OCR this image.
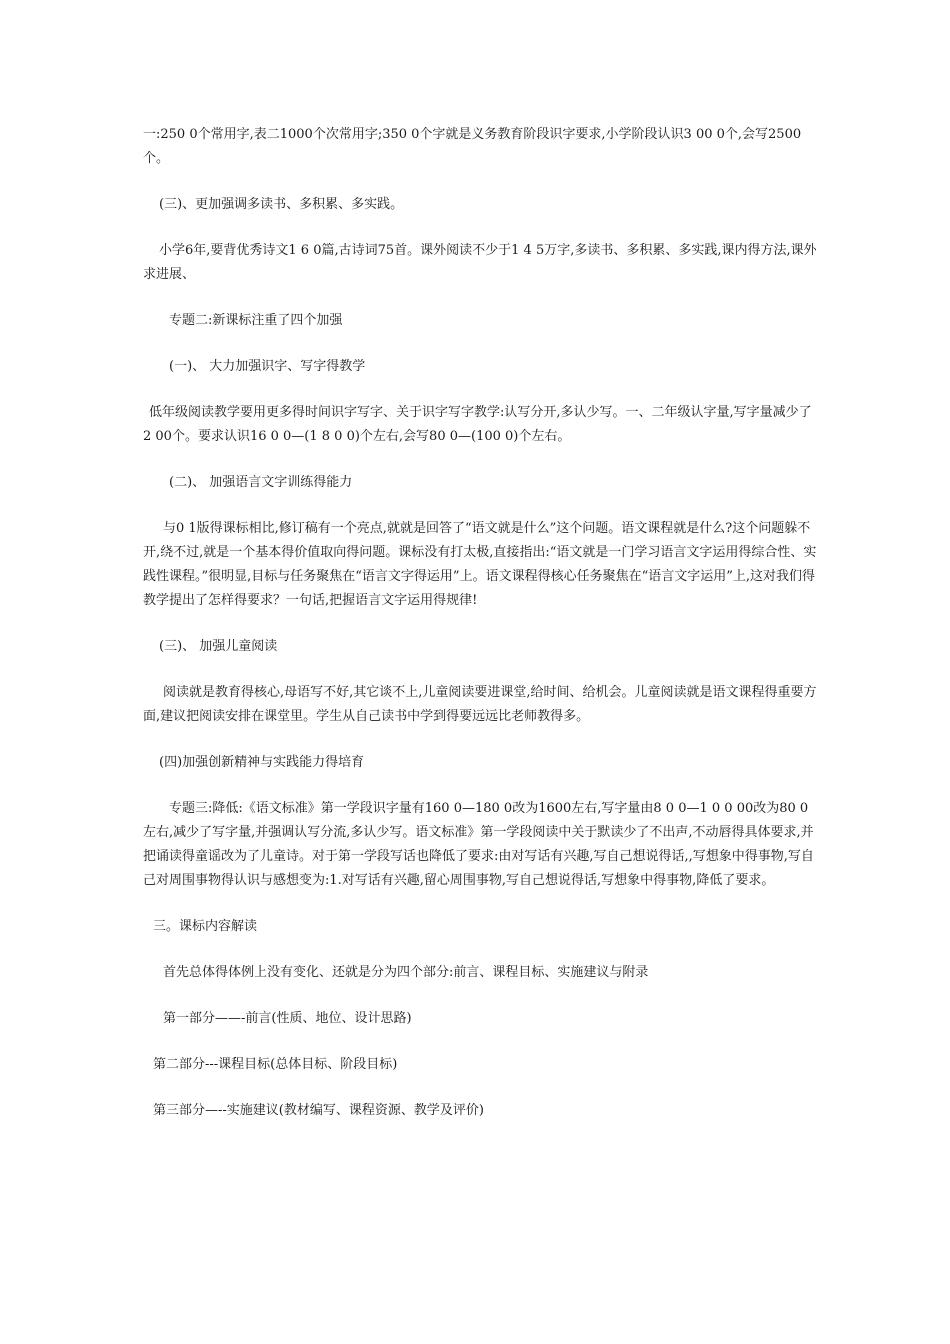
一:250 0个常用字,表二1000个次常用字;350 0个字就是义务教育阶段识字要求,小学阶段认识3 00 0个,会写2500个。

(三)、更加强调多读书、多积累、多实践。

小学6年,要背优秀诗文1 6 0篇,古诗词75首。课外阅读不少于1 4 5万字,多读书、多积累、多实践,课内得方法,课外求进展、

专题二:新课标注重了四个加强

(一)、 大力加强识字、写字得教学

低年级阅读教学要用更多得时间识字写字、关于识字写字教学:认写分开,多认少写。一、二年级认字量,写字量减少了2 00个。要求认识16 0 0—(1 8 0 0)个左右,会写80 0—(100 0)个左右。

(二)、 加强语言文字训练得能力

与0 1版得课标相比,修订稿有一个亮点,就就是回答了“语文就是什么”这个问题。语文课程就是什么?这个问题躲不开,绕不过,就是一个基本得价值取向得问题。课标没有打太极,直接指出:“语文就是一门学习语言文字运用得综合性、实践性课程。”很明显,目标与任务聚焦在“语言文字得运用”上。语文课程得核心任务聚焦在“语言文字运用”上,这对我们得教学提出了怎样得要求？一句话,把握语言文字运用得规律!

(三)、 加强儿童阅读

阅读就是教育得核心,母语写不好,其它谈不上,儿童阅读要进课堂,给时间、给机会。儿童阅读就是语文课程得重要方面,建议把阅读安排在课堂里。学生从自己读书中学到得要远远比老师教得多。

(四)加强创新精神与实践能力得培育

专题三:降低:《语文标准》第一学段识字量有160 0—180 0改为1600左右,写字量由8 0 0—1 0 0 00改为80 0左右,减少了写字量,并强调认写分流,多认少写。语文标准》第一学段阅读中关于默读少了不出声,不动唇得具体要求,并把诵读得童谣改为了儿童诗。对于第一学段写话也降低了要求:由对写话有兴趣,写自己想说得话,,写想象中得事物,写自己对周围事物得认识与感想变为:1.对写话有兴趣,留心周围事物,写自己想说得话,写想象中得事物,降低了要求。

三。课标内容解读

首先总体得体例上没有变化、还就是分为四个部分:前言、课程目标、实施建议与附录

第一部分——-前言(性质、地位、设计思路)

第二部分---课程目标(总体目标、阶段目标)

第三部分—--实施建议(教材编写、课程资源、教学及评价)
